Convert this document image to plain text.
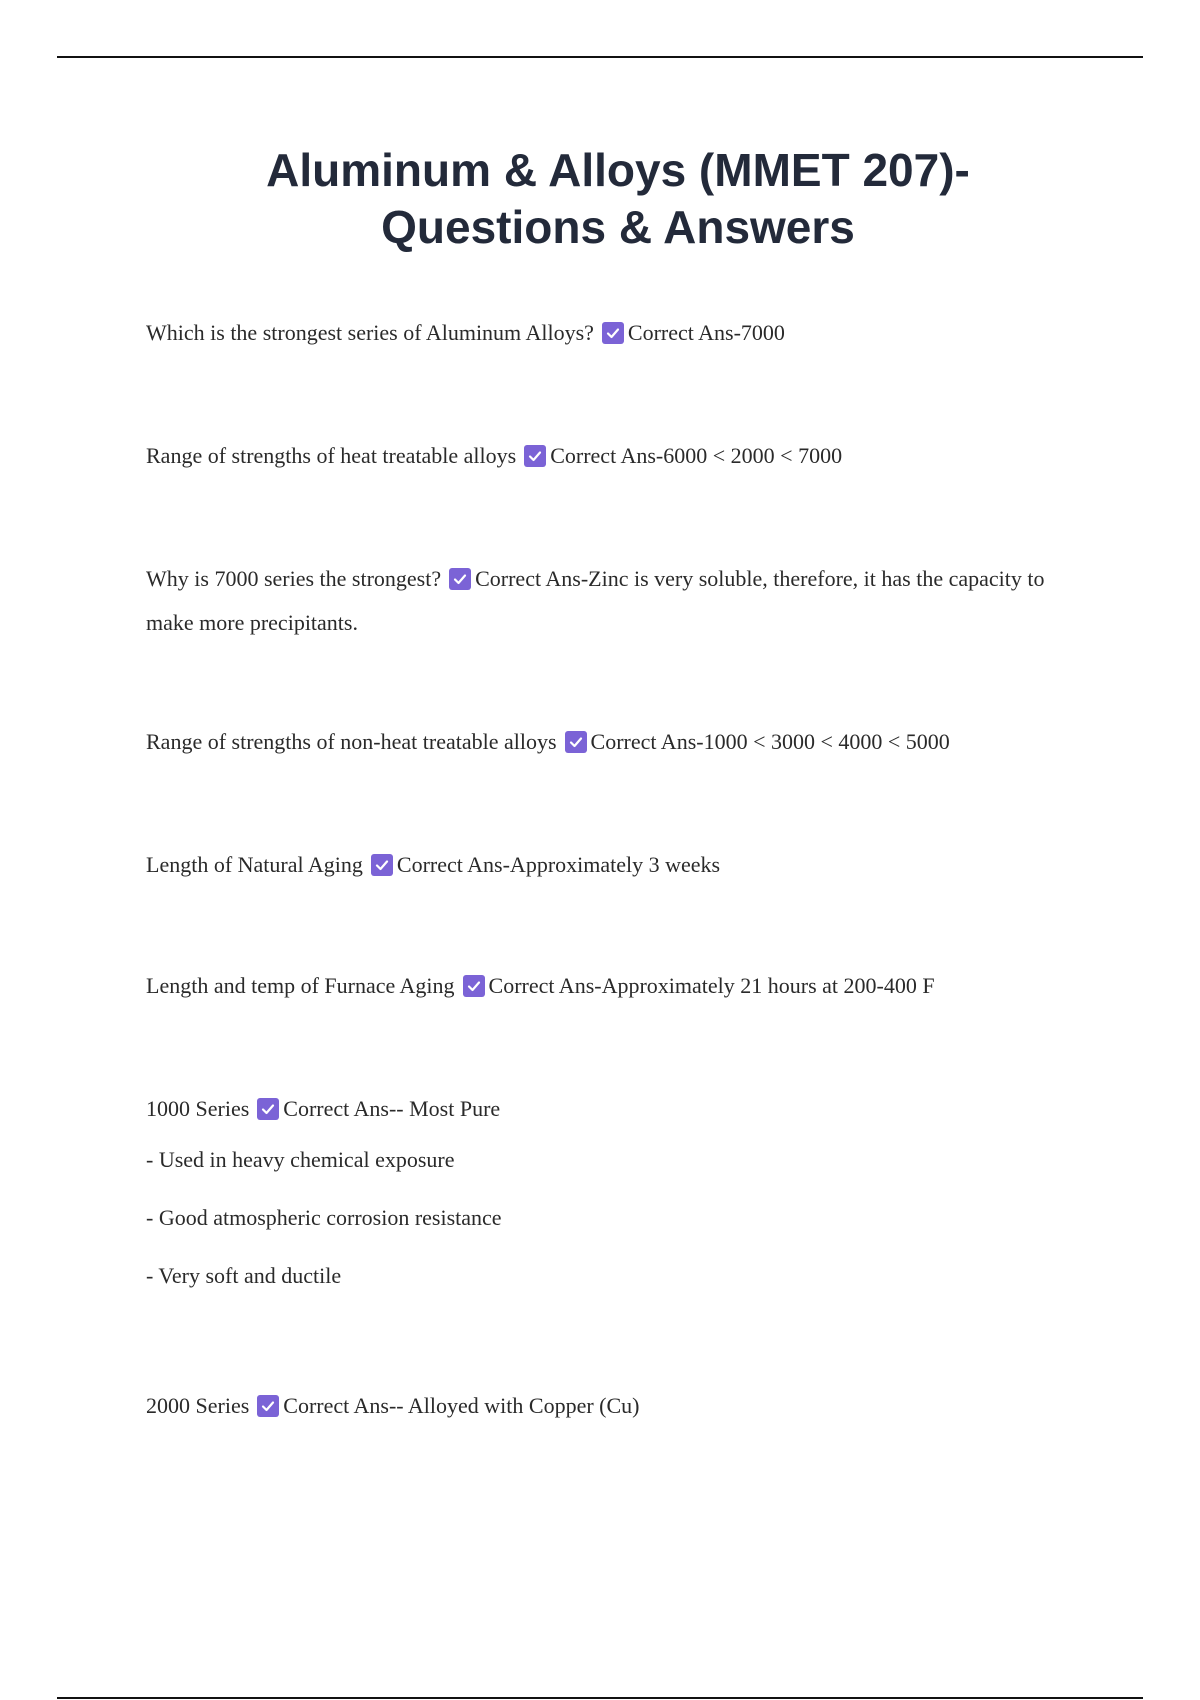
Aluminum & Alloys (MMET 207)-
Questions & Answers

Which is the strongest series of Aluminum Alloys? Correct Ans-7000

Range of strengths of heat treatable alloys Correct Ans-6000 < 2000 < 7000

Why is 7000 series the strongest? Correct Ans-Zinc is very soluble, therefore, it has the capacity to make more precipitants.

Range of strengths of non-heat treatable alloys Correct Ans-1000 < 3000 < 4000 < 5000

Length of Natural Aging Correct Ans-Approximately 3 weeks

Length and temp of Furnace Aging Correct Ans-Approximately 21 hours at 200-400 F

1000 Series Correct Ans-- Most Pure

- Used in heavy chemical exposure

- Good atmospheric corrosion resistance

- Very soft and ductile

2000 Series Correct Ans-- Alloyed with Copper (Cu)
